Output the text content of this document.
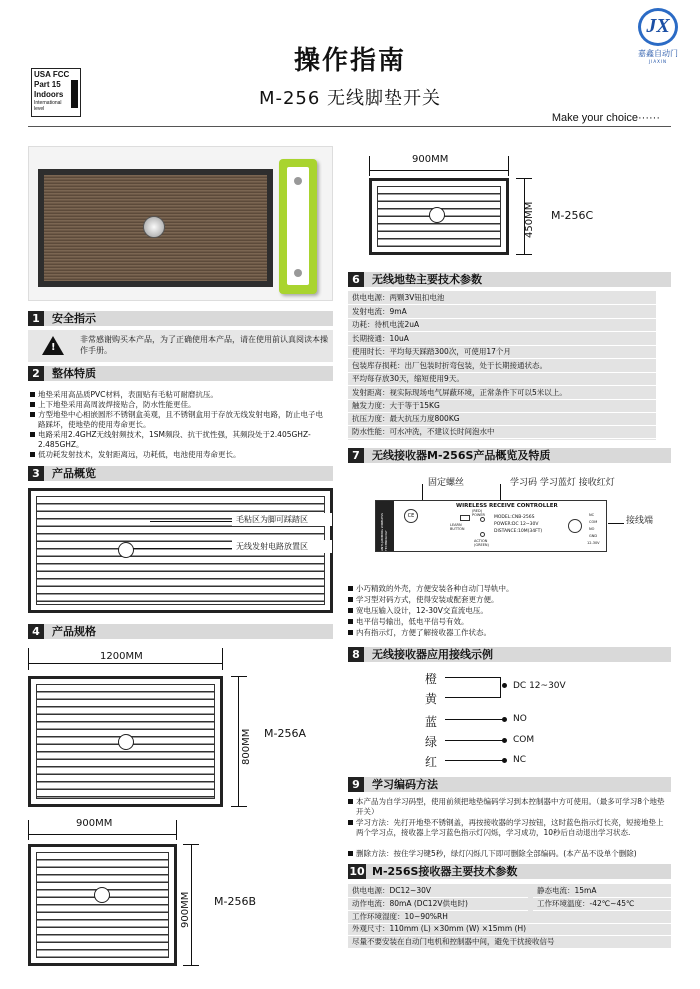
USA FCC
Part 15
Indoors
International
level
操作指南
M-256 无线脚垫开关
JX
嘉鑫自动门
JIAXIN
Make your choice······
1	安全指示
!
非常感谢购买本产品，为了正确使用本产品，请在使用前认真阅读本操作手册。
2	整体特质
地垫采用高品质PVC材料，表面贴有毛粘可耐磨抗压。
上下地垫采用高周波焊接贴合，防水性能更佳。
方型地垫中心相嵌圆形不锈钢盒美观，且不锈钢盒用于存放无线发射电路，防止电子电路踩坏，使地垫的使用寿命更长。
电路采用2.4GHZ无线射频技术，1SM频段、抗干扰性强，其频段处于2.405GHZ-2.485GHZ。
低功耗发射技术，发射距离远，功耗低，电池使用寿命更长。
3	产品概览
毛粘区为脚可踩踏区
无线发射电路放置区
4	产品规格
1200MM
800MM M-256A
900MM
900MM M-256B
900MM
450MM M-256C
6	无线地垫主要技术参数
供电电源：两颗3V钮扣电池
发射电流：9mA
功耗：待机电流2uA
长期接通：10uA
使用时长：平均每天踩踏300次，可使用17个月
包装库存损耗：出厂包装时折弯包装，处于长期接通状态。
平均每存放30天，缩短使用9天。
发射距离：视实际现场电气屏蔽环境，正常条件下可以5米以上。
触发力度：大于等于15KG
抗压力度：最大抗压力度800KG
防水性能：可水冲洗，不建议长时间泡水中
7	无线接收器M-256S产品概览及特质
固定螺丝	学习码 学习蓝灯 接收红灯
接线端
ANTI-JAMMING WIRELESS TECHNOLOGY
CE
WIRELESS RECEIVE CONTROLLER
MODEL:CNB-256S
POWER:DC 12~30V
DISTANCE:10M(34FT)
(RED) POWER
LEARN BUTTON
ACTION (GREEN)
NC
COM
NO
GND
12-30V
小巧精致的外壳，方便安装各种自动门导轨中。
学习型对码方式，使得安装或配套更方便。
宽电压输入设计，12-30V交直流电压。
电平信号输出，低电平信号有效。
内有指示灯，方便了解接收器工作状态。
8	无线接收器应用接线示例
橙
黄
蓝
绿
红
DC 12~30V
NO
COM
NC
9	学习编码方法
本产品为自学习码型，使用前须把地垫编码学习到本控制器中方可使用。（最多可学习8个地垫开关）
学习方法：先打开地垫不锈钢盖，再按接收器的学习按钮，这时蓝色指示灯长亮，短接地垫上两个学习点，接收器上学习蓝色指示灯闪烁，学习成功，10秒后自动退出学习状态.
删除方法：按住学习键5秒，绿灯闪烁几下即可删除全部编码。(本产品不设单个删除)
10 M-256S接收器主要技术参数
供电电源：DC12~30V	静态电流：15mA
动作电流：80mA (DC12V供电时)	工作环境温度：-42℃~45℃
工作环境湿度：10~90%RH
外观尺寸：110mm (L) ×30mm (W) ×15mm (H)
尽量不要安装在自动门电机和控制器中间，避免干扰接收信号
